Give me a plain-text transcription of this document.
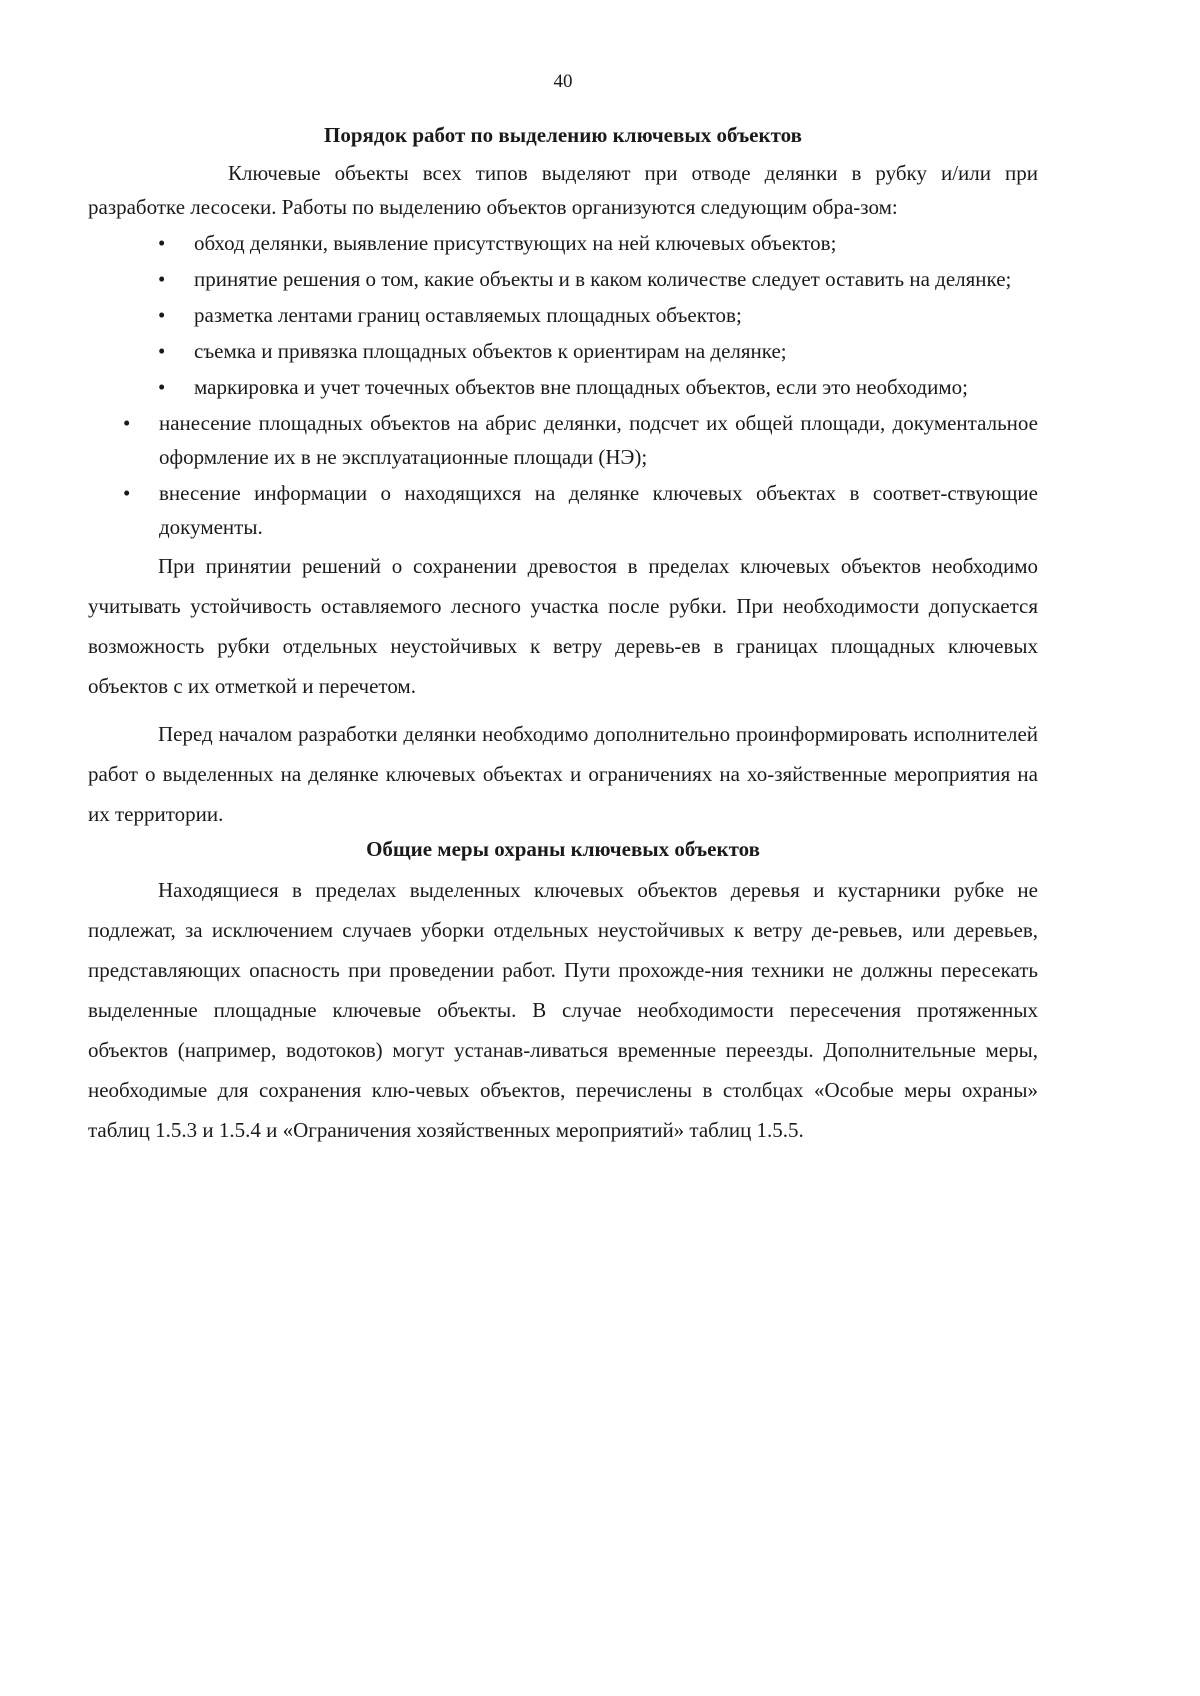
40
Порядок работ по выделению ключевых объектов

Ключевые объекты всех типов выделяют при отводе делянки в рубку и/или при разработке лесосеки. Работы по выделению объектов организуются следующим обра-зом:

• обход делянки, выявление присутствующих на ней ключевых объектов;
• принятие решения о том, какие объекты и в каком количестве следует оставить на делянке;
• разметка лентами границ оставляемых площадных объектов;
• съемка и привязка площадных объектов к ориентирам на делянке;
• маркировка и учет точечных объектов вне площадных объектов, если это необходимо;
• нанесение площадных объектов на абрис делянки, подсчет их общей площади, документальное оформление их в не эксплуатационные площади (НЭ);
• внесение информации о находящихся на делянке ключевых объектах в соответ-ствующие документы.

При принятии решений о сохранении древостоя в пределах ключевых объектов необходимо учитывать устойчивость оставляемого лесного участка после рубки. При необходимости допускается возможность рубки отдельных неустойчивых к ветру деревь-ев в границах площадных ключевых объектов с их отметкой и перечетом.

Перед началом разработки делянки необходимо дополнительно проинформировать исполнителей работ о выделенных на делянке ключевых объектах и ограничениях на хо-зяйственные мероприятия на их территории.

Общие меры охраны ключевых объектов

Находящиеся в пределах выделенных ключевых объектов деревья и кустарники рубке не подлежат, за исключением случаев уборки отдельных неустойчивых к ветру де-ревьев, или деревьев, представляющих опасность при проведении работ. Пути прохожде-ния техники не должны пересекать выделенные площадные ключевые объекты. В случае необходимости пересечения протяженных объектов (например, водотоков) могут устанав-ливаться временные переезды. Дополнительные меры, необходимые для сохранения клю-чевых объектов, перечислены в столбцах «Особые меры охраны» таблиц 1.5.3 и 1.5.4 и «Ограничения хозяйственных мероприятий» таблиц 1.5.5.
